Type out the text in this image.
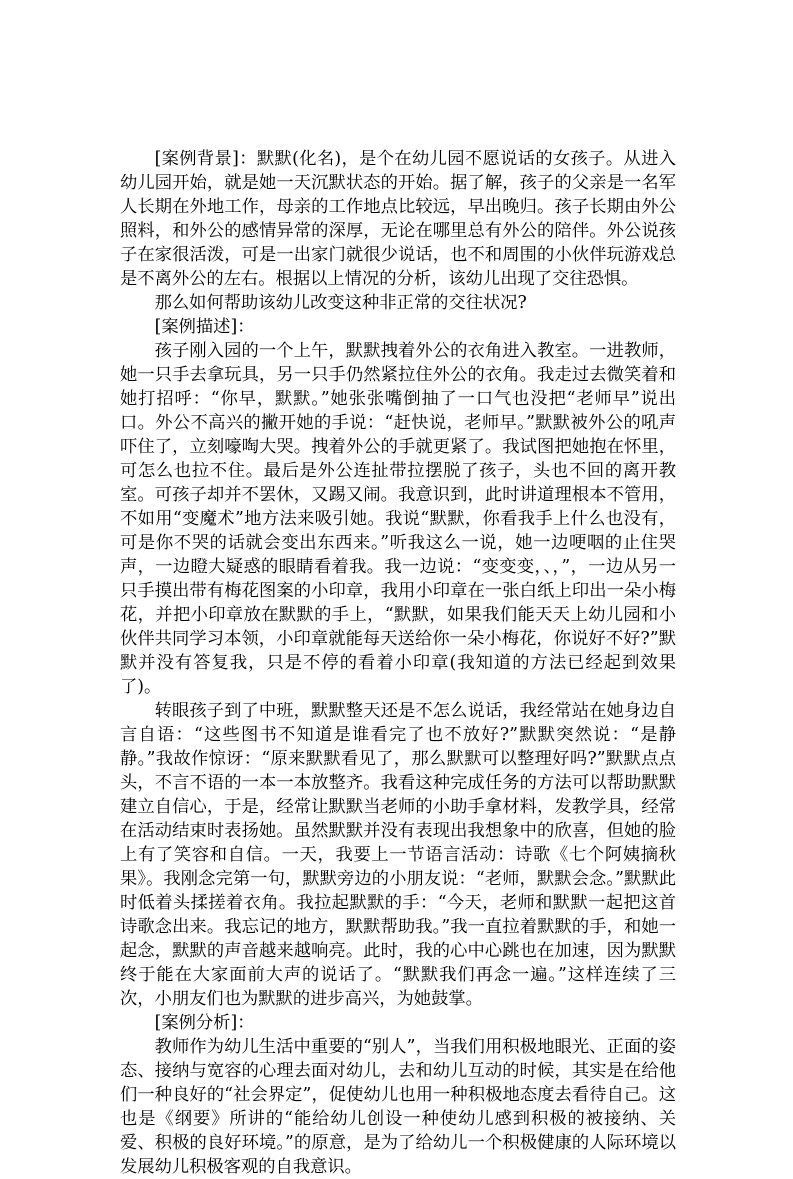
[案例背景]：默默(化名)，是个在幼儿园不愿说话的女孩子。从进入幼儿园开始，就是她一天沉默状态的开始。据了解，孩子的父亲是一名军人长期在外地工作，母亲的工作地点比较远，早出晚归。孩子长期由外公照料，和外公的感情异常的深厚，无论在哪里总有外公的陪伴。外公说孩子在家很活泼，可是一出家门就很少说话，也不和周围的小伙伴玩游戏总是不离外公的左右。根据以上情况的分析，该幼儿出现了交往恐惧。

那么如何帮助该幼儿改变这种非正常的交往状况?

[案例描述]：

孩子刚入园的一个上午，默默拽着外公的衣角进入教室。一进教师，她一只手去拿玩具，另一只手仍然紧拉住外公的衣角。我走过去微笑着和她打招呼：“你早，默默。”她张张嘴倒抽了一口气也没把“老师早”说出口。外公不高兴的撇开她的手说：“赶快说，老师早。”默默被外公的吼声吓住了，立刻嚎啕大哭。拽着外公的手就更紧了。我试图把她抱在怀里，可怎么也拉不住。最后是外公连扯带拉摆脱了孩子，头也不回的离开教室。可孩子却并不罢休，又踢又闹。我意识到，此时讲道理根本不管用，不如用“变魔术”地方法来吸引她。我说“默默，你看我手上什么也没有，可是你不哭的话就会变出东西来。”听我这么一说，她一边哽咽的止住哭声，一边瞪大疑惑的眼睛看着我。我一边说：“变变变，、，”，一边从另一只手摸出带有梅花图案的小印章，我用小印章在一张白纸上印出一朵小梅花，并把小印章放在默默的手上，“默默，如果我们能天天上幼儿园和小伙伴共同学习本领，小印章就能每天送给你一朵小梅花，你说好不好?”默默并没有答复我，只是不停的看着小印章(我知道的方法已经起到效果了)。

转眼孩子到了中班，默默整天还是不怎么说话，我经常站在她身边自言自语：“这些图书不知道是谁看完了也不放好?”默默突然说：“是静静。”我故作惊讶：“原来默默看见了，那么默默可以整理好吗?”默默点点头，不言不语的一本一本放整齐。我看这种完成任务的方法可以帮助默默建立自信心，于是，经常让默默当老师的小助手拿材料，发教学具，经常在活动结束时表扬她。虽然默默并没有表现出我想象中的欣喜，但她的脸上有了笑容和自信。一天，我要上一节语言活动：诗歌《七个阿姨摘秋果》。我刚念完第一句，默默旁边的小朋友说：“老师，默默会念。”默默此时低着头揉搓着衣角。我拉起默默的手：“今天，老师和默默一起把这首诗歌念出来。我忘记的地方，默默帮助我。”我一直拉着默默的手，和她一起念，默默的声音越来越响亮。此时，我的心中心跳也在加速，因为默默终于能在大家面前大声的说话了。“默默我们再念一遍。”这样连续了三次，小朋友们也为默默的进步高兴，为她鼓掌。

[案例分析]：

教师作为幼儿生活中重要的“别人”，当我们用积极地眼光、正面的姿态、接纳与宽容的心理去面对幼儿，去和幼儿互动的时候，其实是在给他们一种良好的“社会界定”，促使幼儿也用一种积极地态度去看待自己。这也是《纲要》所讲的“能给幼儿创设一种使幼儿感到积极的被接纳、关爱、积极的良好环境。”的原意，是为了给幼儿一个积极健康的人际环境以发展幼儿积极客观的自我意识。
